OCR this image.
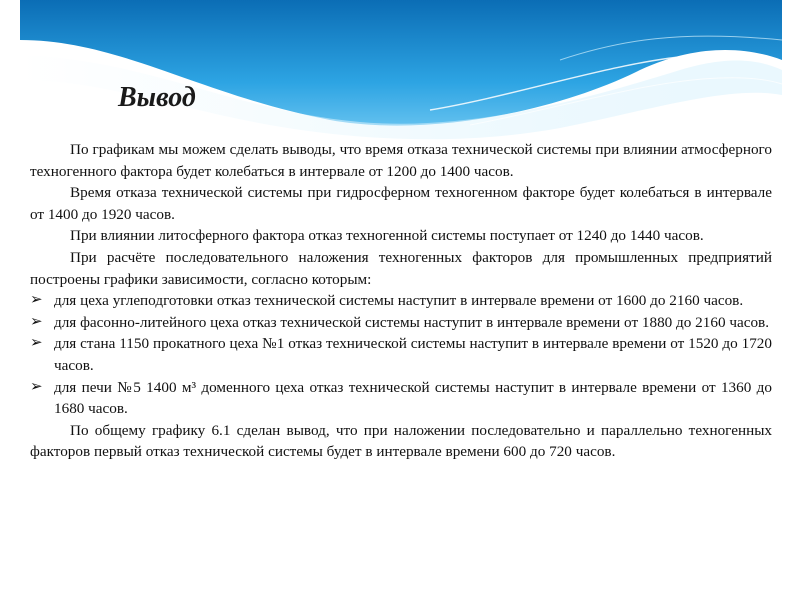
Вывод

По графикам мы можем сделать выводы, что время отказа технической системы при влиянии атмосферного техногенного фактора будет колебаться в интервале от 1200 до 1400 часов.

Время отказа технической системы при гидросферном техногенном факторе будет колебаться в интервале от 1400 до 1920 часов.

При влиянии литосферного фактора отказ техногенной системы поступает от 1240 до 1440 часов.

При расчёте последовательного наложения техногенных факторов для промышленных предприятий построены графики зависимости, согласно которым:

➢ для цеха углеподготовки отказ технической системы наступит в интервале времени от 1600 до 2160 часов.
➢ для фасонно-литейного цеха отказ технической системы наступит в интервале времени от 1880 до 2160 часов.
➢ для стана 1150 прокатного цеха №1 отказ технической системы наступит в интервале времени от 1520 до 1720 часов.
➢ для печи №5 1400 м³ доменного цеха отказ технической системы наступит в интервале времени от 1360 до 1680 часов.

По общему графику 6.1 сделан вывод, что при наложении последовательно и параллельно техногенных факторов первый отказ технической системы будет в интервале времени 600 до 720 часов.
